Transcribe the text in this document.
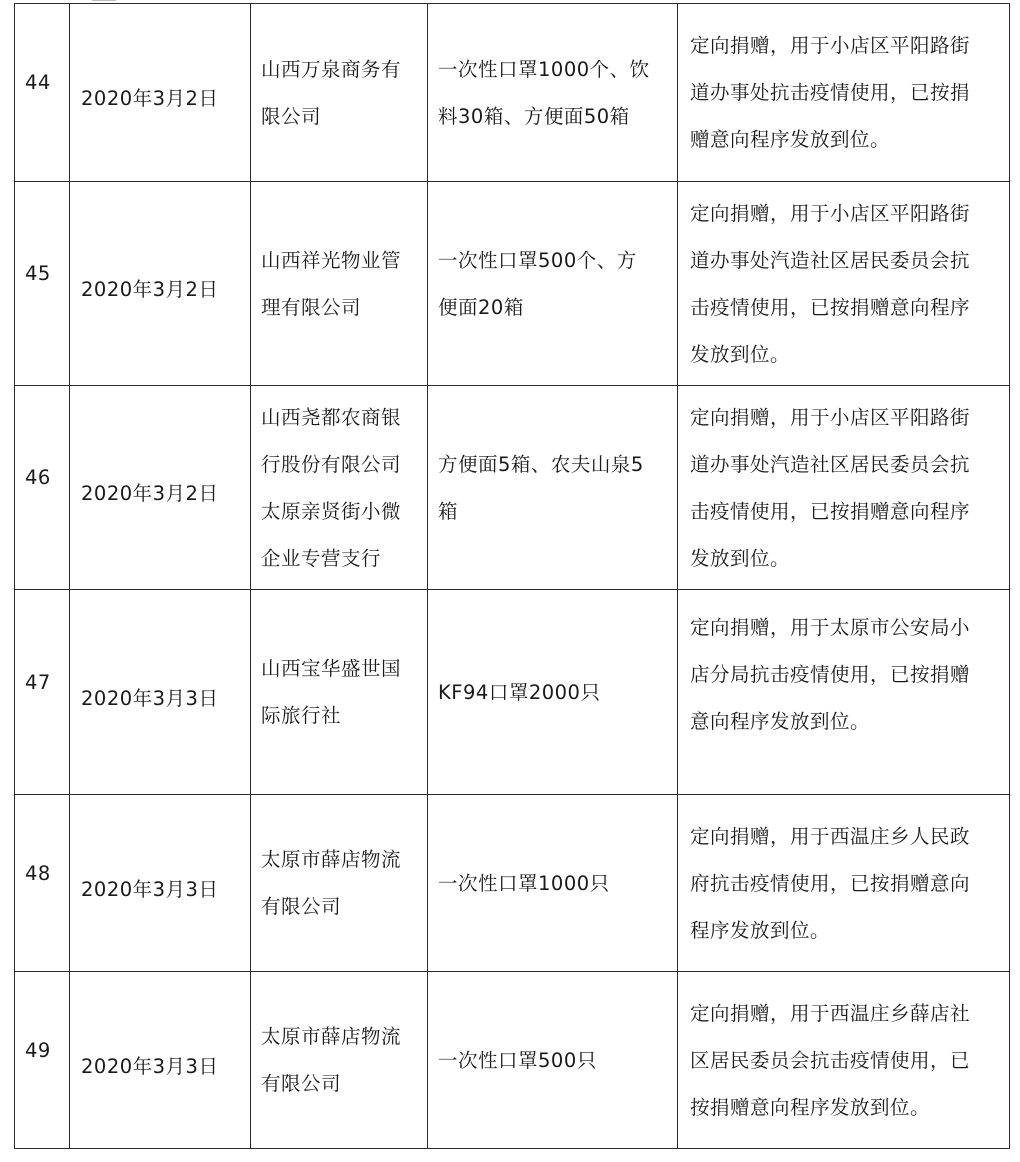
44	2020年3月2日	山西万泉商务有
限公司	一次性口罩1000个、饮
料30箱、方便面50箱	定向捐赠，用于小店区平阳路街
道办事处抗击疫情使用，已按捐
赠意向程序发放到位。

45	2020年3月2日	山西祥光物业管
理有限公司	一次性口罩500个、方
便面20箱	定向捐赠，用于小店区平阳路街
道办事处汽造社区居民委员会抗
击疫情使用，已按捐赠意向程序
发放到位。

46	2020年3月2日	山西尧都农商银
行股份有限公司
太原亲贤街小微
企业专营支行	方便面5箱、农夫山泉5
箱	定向捐赠，用于小店区平阳路街
道办事处汽造社区居民委员会抗
击疫情使用，已按捐赠意向程序
发放到位。

47	2020年3月3日	山西宝华盛世国
际旅行社	KF94口罩2000只	定向捐赠，用于太原市公安局小
店分局抗击疫情使用，已按捐赠
意向程序发放到位。

48	2020年3月3日	太原市薛店物流
有限公司	一次性口罩1000只	定向捐赠，用于西温庄乡人民政
府抗击疫情使用，已按捐赠意向
程序发放到位。

49	2020年3月3日	太原市薛店物流
有限公司	一次性口罩500只	定向捐赠，用于西温庄乡薛店社
区居民委员会抗击疫情使用，已
按捐赠意向程序发放到位。
